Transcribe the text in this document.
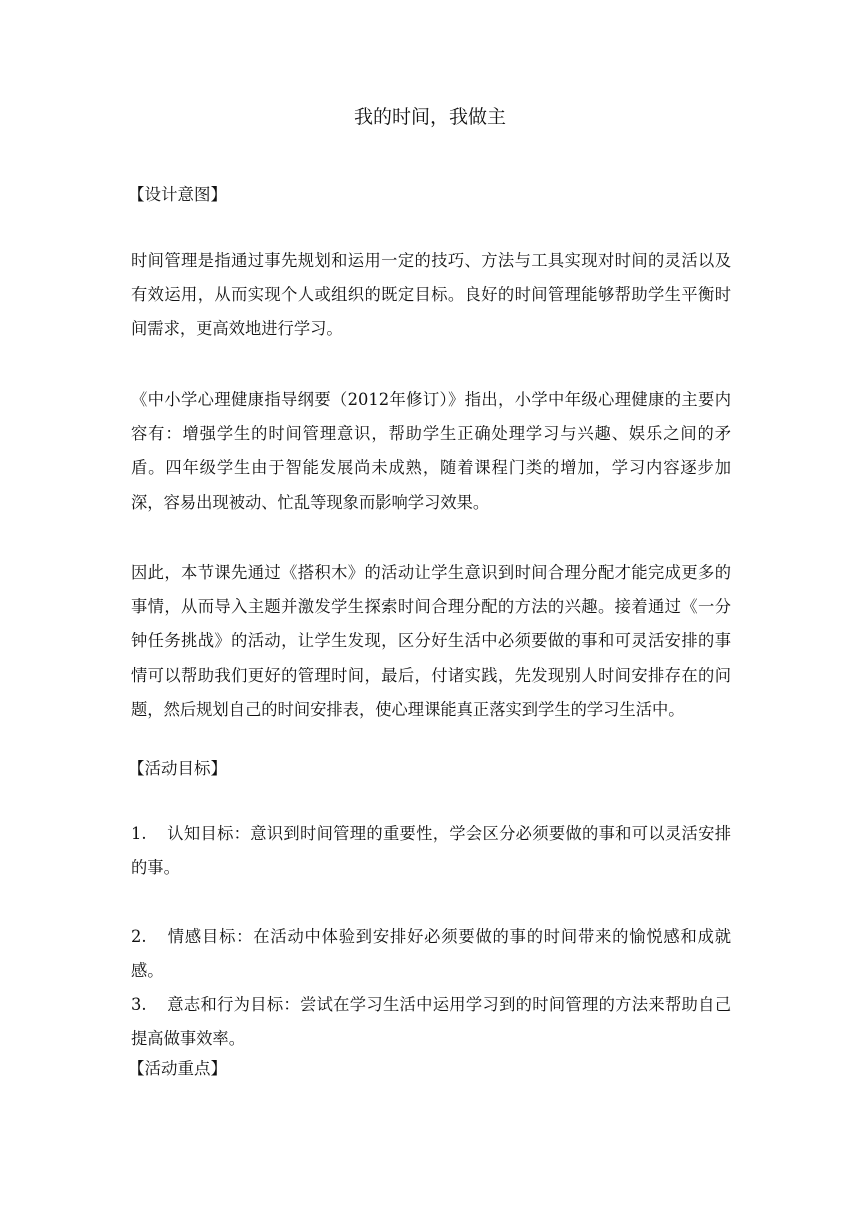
我的时间，我做主
【设计意图】
时间管理是指通过事先规划和运用一定的技巧、方法与工具实现对时间的灵活以及有效运用，从而实现个人或组织的既定目标。良好的时间管理能够帮助学生平衡时间需求，更高效地进行学习。
《中小学心理健康指导纲要（2012年修订）》指出，小学中年级心理健康的主要内容有：增强学生的时间管理意识，帮助学生正确处理学习与兴趣、娱乐之间的矛盾。四年级学生由于智能发展尚未成熟，随着课程门类的增加，学习内容逐步加深，容易出现被动、忙乱等现象而影响学习效果。
因此，本节课先通过《搭积木》的活动让学生意识到时间合理分配才能完成更多的事情，从而导入主题并激发学生探索时间合理分配的方法的兴趣。接着通过《一分钟任务挑战》的活动，让学生发现，区分好生活中必须要做的事和可灵活安排的事情可以帮助我们更好的管理时间，最后，付诸实践，先发现别人时间安排存在的问题，然后规划自己的时间安排表，使心理课能真正落实到学生的学习生活中。
【活动目标】
1. 认知目标：意识到时间管理的重要性，学会区分必须要做的事和可以灵活安排的事。
2. 情感目标：在活动中体验到安排好必须要做的事的时间带来的愉悦感和成就感。
3. 意志和行为目标：尝试在学习生活中运用学习到的时间管理的方法来帮助自己提高做事效率。
【活动重点】
